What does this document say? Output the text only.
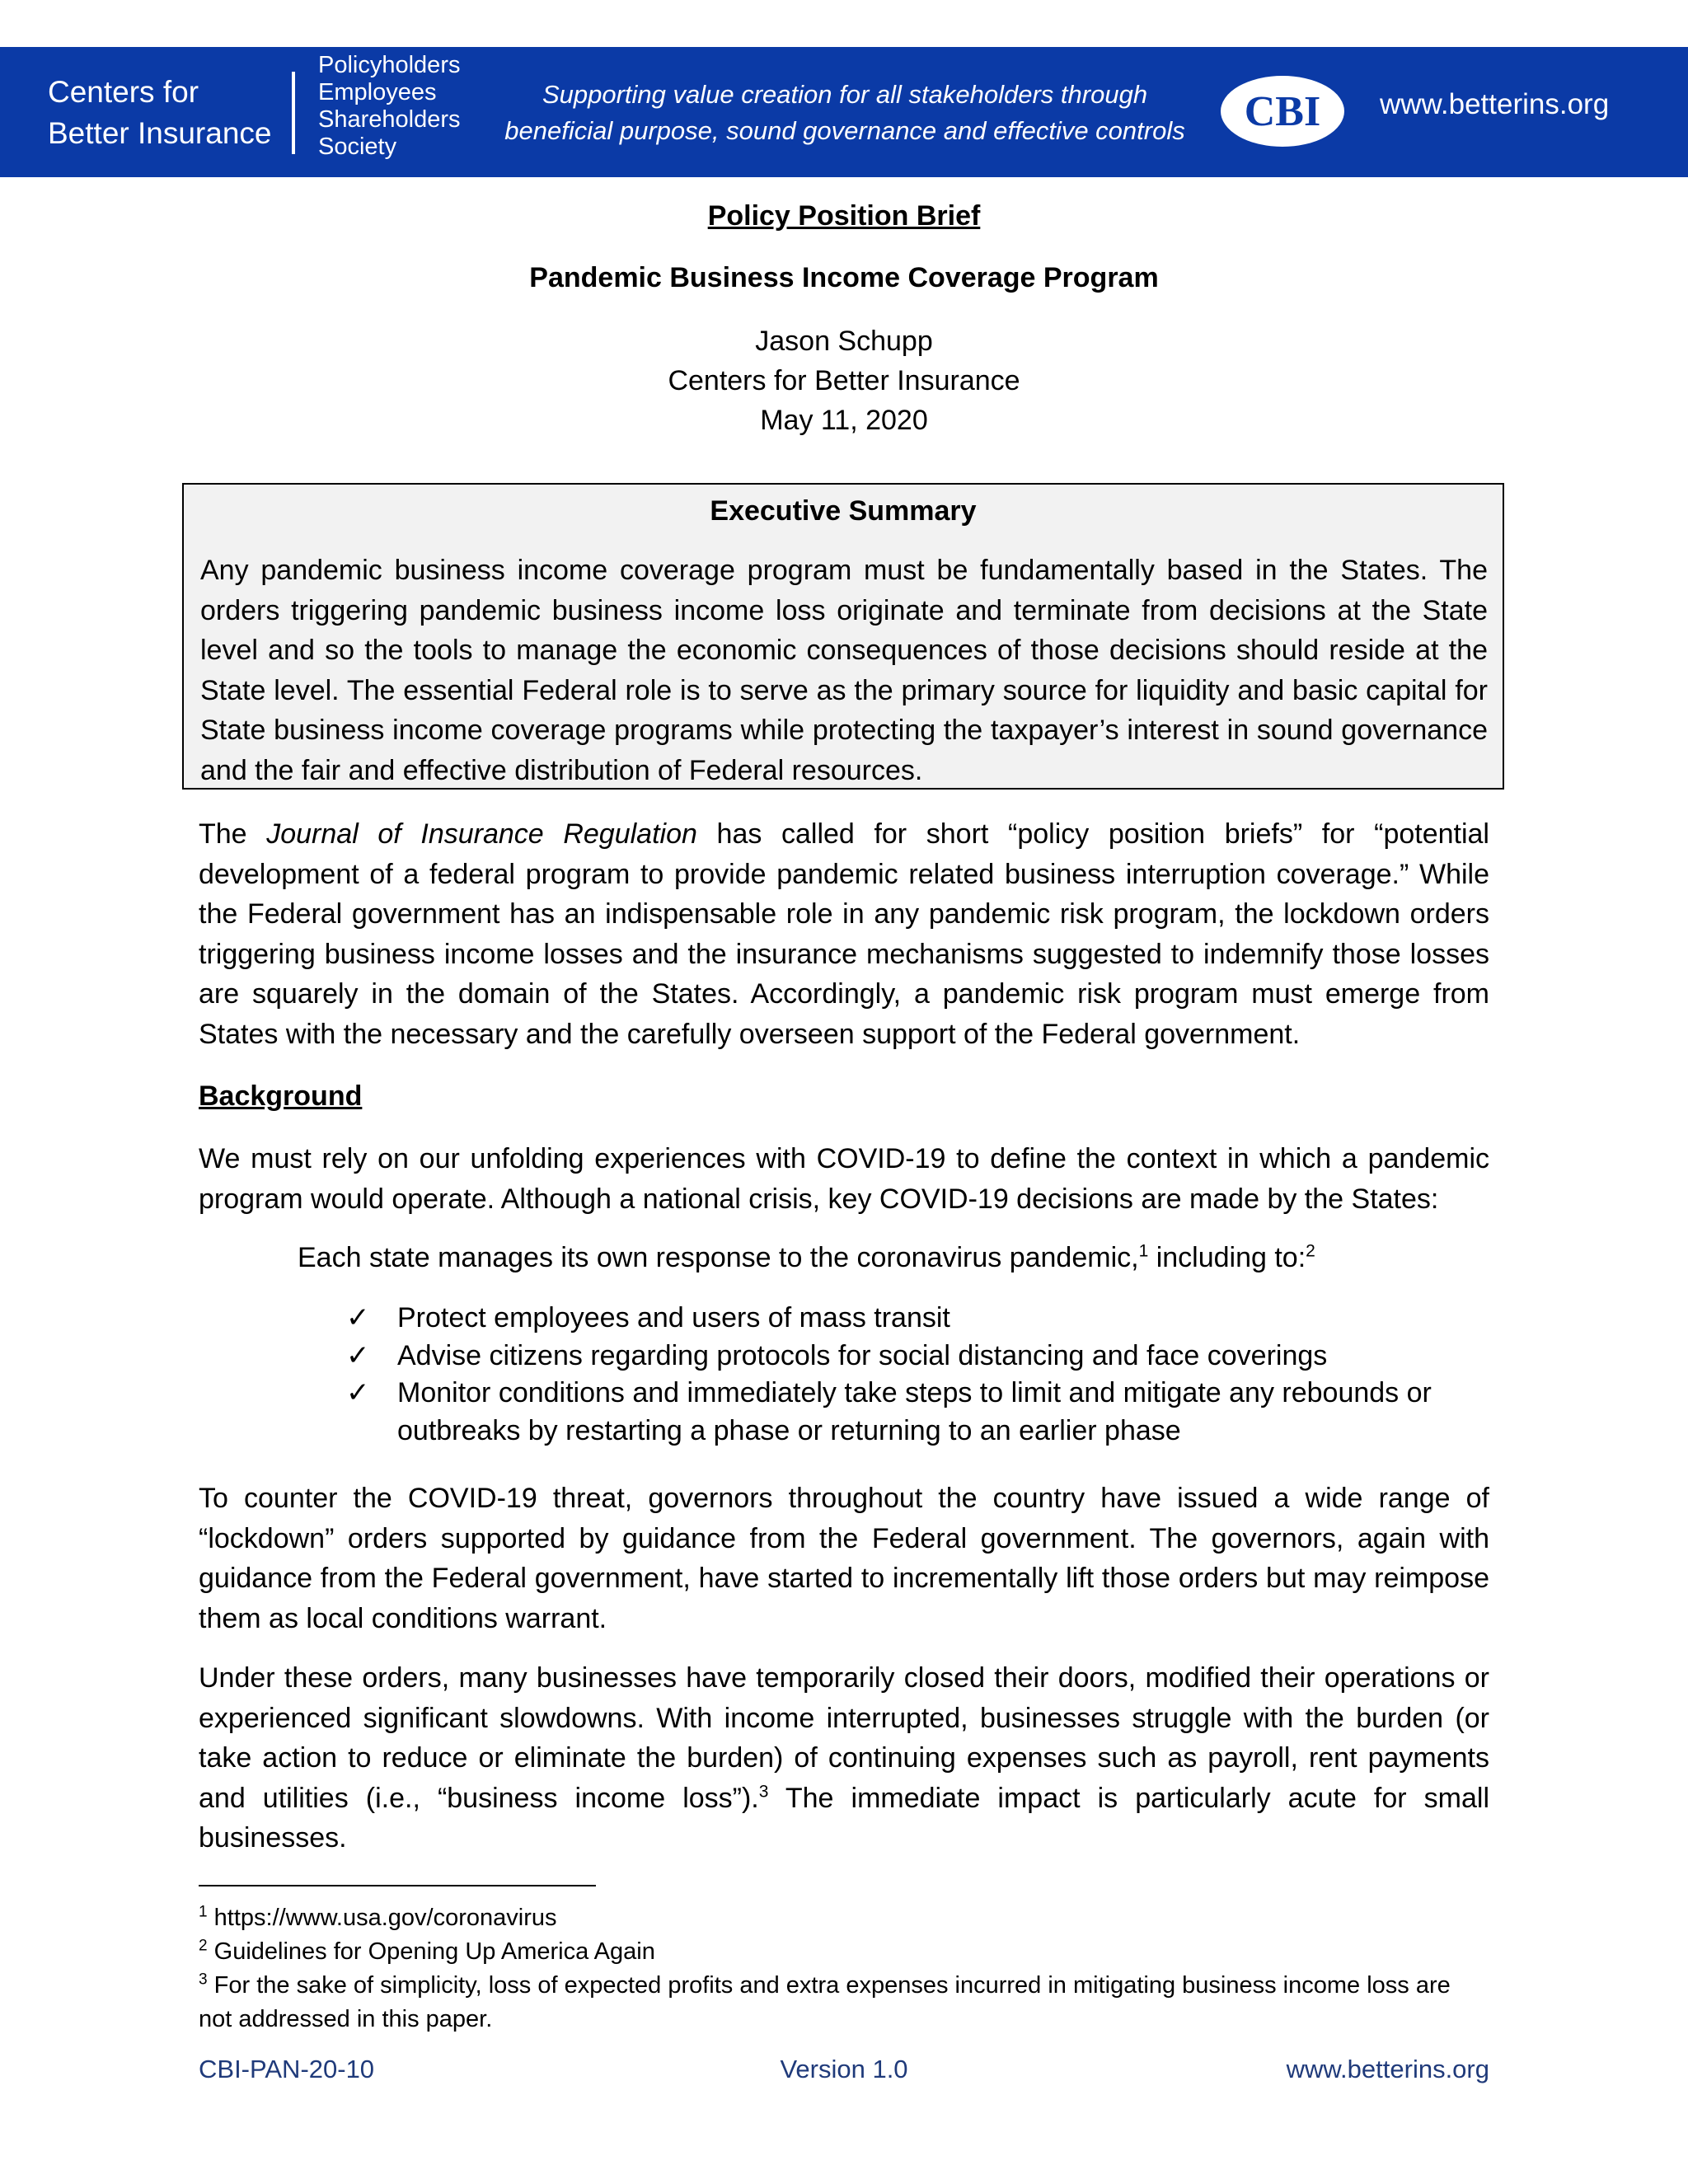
Centers for
Better Insurance
Policyholders
Employees
Shareholders
Society
Supporting value creation for all stakeholders through
beneficial purpose, sound governance and effective controls	CBI	www.betterins.org
Policy Position Brief
Pandemic Business Income Coverage Program
Jason Schupp
Centers for Better Insurance
May 11, 2020
Executive Summary
Any pandemic business income coverage program must be fundamentally based in the States. The orders triggering pandemic business income loss originate and terminate from decisions at the State level and so the tools to manage the economic consequences of those decisions should reside at the State level. The essential Federal role is to serve as the primary source for liquidity and basic capital for State business income coverage programs while protecting the taxpayer’s interest in sound governance and the fair and effective distribution of Federal resources.
The Journal of Insurance Regulation has called for short “policy position briefs” for “potential development of a federal program to provide pandemic related business interruption coverage.” While the Federal government has an indispensable role in any pandemic risk program, the lockdown orders triggering business income losses and the insurance mechanisms suggested to indemnify those losses are squarely in the domain of the States. Accordingly, a pandemic risk program must emerge from States with the necessary and the carefully overseen support of the Federal government.
Background
We must rely on our unfolding experiences with COVID-19 to define the context in which a pandemic program would operate. Although a national crisis, key COVID-19 decisions are made by the States:
Each state manages its own response to the coronavirus pandemic,$^1$ including to:$^2$
✓ Protect employees and users of mass transit
✓ Advise citizens regarding protocols for social distancing and face coverings
✓ Monitor conditions and immediately take steps to limit and mitigate any rebounds or outbreaks by restarting a phase or returning to an earlier phase
To counter the COVID-19 threat, governors throughout the country have issued a wide range of “lockdown” orders supported by guidance from the Federal government. The governors, again with guidance from the Federal government, have started to incrementally lift those orders but may reimpose them as local conditions warrant.
Under these orders, many businesses have temporarily closed their doors, modified their operations or experienced significant slowdowns. With income interrupted, businesses struggle with the burden (or take action to reduce or eliminate the burden) of continuing expenses such as payroll, rent payments and utilities (i.e., “business income loss”).$^3$ The immediate impact is particularly acute for small businesses.
$^1$ https://www.usa.gov/coronavirus
$^2$ Guidelines for Opening Up America Again
$^3$ For the sake of simplicity, loss of expected profits and extra expenses incurred in mitigating business income loss are not addressed in this paper.
CBI-PAN-20-10	Version 1.0	www.betterins.org
